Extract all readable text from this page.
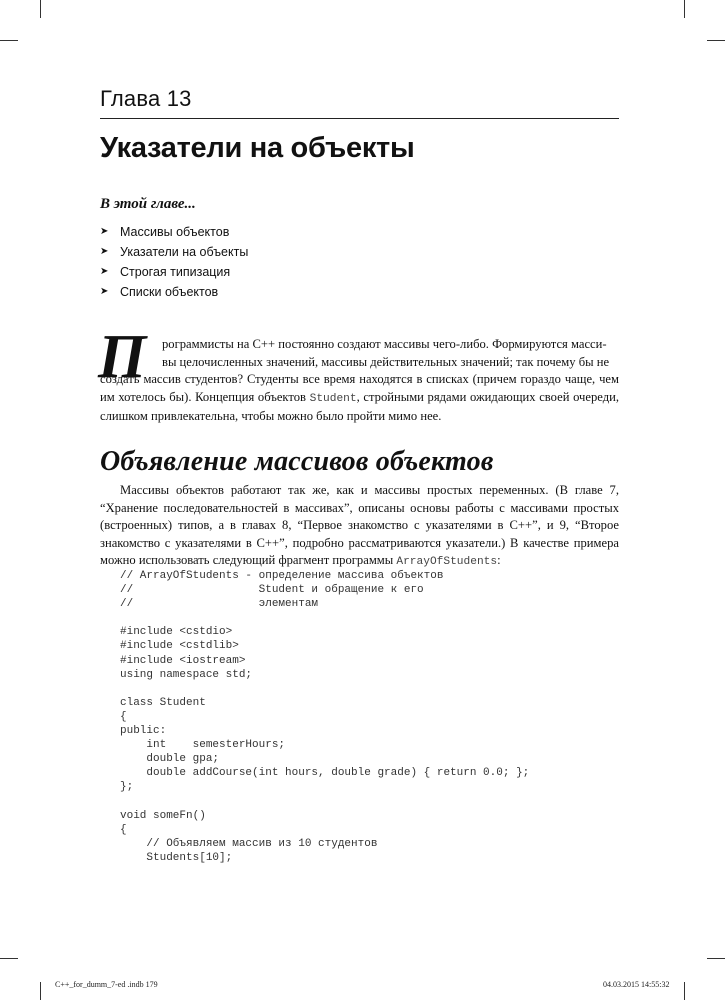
Глава 13
Указатели на объекты
В этой главе...
➤ Массивы объектов
➤ Указатели на объекты
➤ Строгая типизация
➤ Списки объектов
П рограммисты на С++ постоянно создают массивы чего-либо. Формируются масси-

вы целочисленных значений, массивы действительных значений; так почему бы не

создать массив студентов? Студенты все время находятся в списках (причем гораздо чаще, чем им хотелось бы). Концепция объектов Student, стройными рядами ожидающих своей очереди, слишком привлекательна, чтобы можно было пройти мимо нее.

Объявление массивов объектов

Массивы объектов работают так же, как и массивы простых переменных. (В главе 7, “Хранение последовательностей в массивах”, описаны основы работы с массивами простых (встроенных) типов, а в главах 8, “Первое знакомство с указателями в С++”, и 9, “Второе знакомство с указателями в С++”, подробно рассматриваются указатели.) В качестве примера можно использовать следующий фрагмент программы ArrayOfStudents:

// ArrayOfStudents - определение массива объектов
//                   Student и обращение к его
//                   элементам

#include <cstdio>
#include <cstdlib>
#include <iostream>
using namespace std;

class Student
{
public:
int    semesterHours;
double gpa;
double addCourse(int hours, double grade) { return 0.0; };
};

void someFn()
{
// Объявляем массив из 10 студентов
Students[10];
C++_for_dumm_7-ed .indb 179	04.03.2015 14:55:32
